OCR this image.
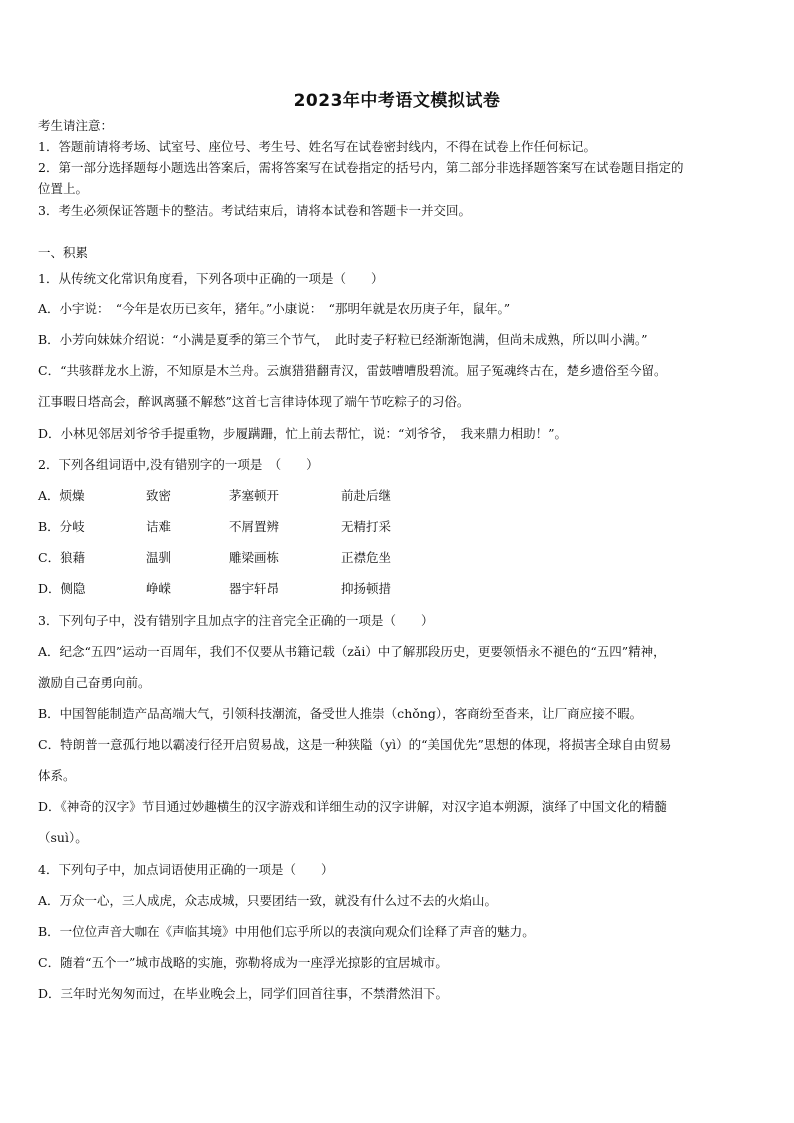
2023年中考语文模拟试卷
考生请注意：
1．答题前请将考场、试室号、座位号、考生号、姓名写在试卷密封线内，不得在试卷上作任何标记。
2．第一部分选择题每小题选出答案后，需将答案写在试卷指定的括号内，第二部分非选择题答案写在试卷题目指定的
位置上。
3．考生必须保证答题卡的整洁。考试结束后，请将本试卷和答题卡一并交回。
一、积累
1．从传统文化常识角度看，下列各项中正确的一项是（　　）
A．小宇说：　“今年是农历已亥年，猪年。”小康说：　“那明年就是农历庚子年，鼠年。”
B．小芳向妹妹介绍说：“小满是夏季的第三个节气，　此时麦子籽粒已经渐渐饱满，但尚未成熟，所以叫小满。”
C．“共骇群龙水上游，不知原是木兰舟。云旗猎猎翻青汉，雷鼓嘈嘈殷碧流。屈子冤魂终古在，楚乡遗俗至今留。
江事暇日塔高会，醉讽离骚不解愁”这首七言律诗体现了端午节吃粽子的习俗。
D．小林见邻居刘爷爷手提重物，步履蹒跚，忙上前去帮忙，说：“刘爷爷，　我来鼎力相助！”。
2．下列各组词语中,没有错别字的一项是　（　　）
A．烦燥	致密	茅塞顿开	前赴后继
B．分岐	诘难	不屑置辨	无精打采
C．狼藉	温驯	雕梁画栋	正襟危坐
D．侧隐	峥嵘	器宇轩昂	抑扬顿措
3．下列句子中，没有错别字且加点字的注音完全正确的一项是（　　）
A．纪念“五四”运动一百周年，我们不仅要从书籍记载（zǎi）中了解那段历史，更要领悟永不褪色的“五四”精神，
激励自己奋勇向前。
B．中国智能制造产品高端大气，引领科技潮流，备受世人推崇（chǒng），客商纷至沓来，让厂商应接不暇。
C．特朗普一意孤行地以霸凌行径开启贸易战，这是一种狭隘（yì）的“美国优先”思想的体现，将损害全球自由贸易
体系。
D．《神奇的汉字》节目通过妙趣横生的汉字游戏和详细生动的汉字讲解，对汉字追本朔源，演绎了中国文化的精髓
（suì）。
4．下列句子中，加点词语使用正确的一项是（　　）
A．万众一心，三人成虎，众志成城，只要团结一致，就没有什么过不去的火焰山。
B．一位位声音大咖在《声临其境》中用他们忘乎所以的表演向观众们诠释了声音的魅力。
C．随着“五个一”城市战略的实施，弥勒将成为一座浮光掠影的宜居城市。
D．三年时光匆匆而过，在毕业晚会上，同学们回首往事，不禁潸然泪下。
